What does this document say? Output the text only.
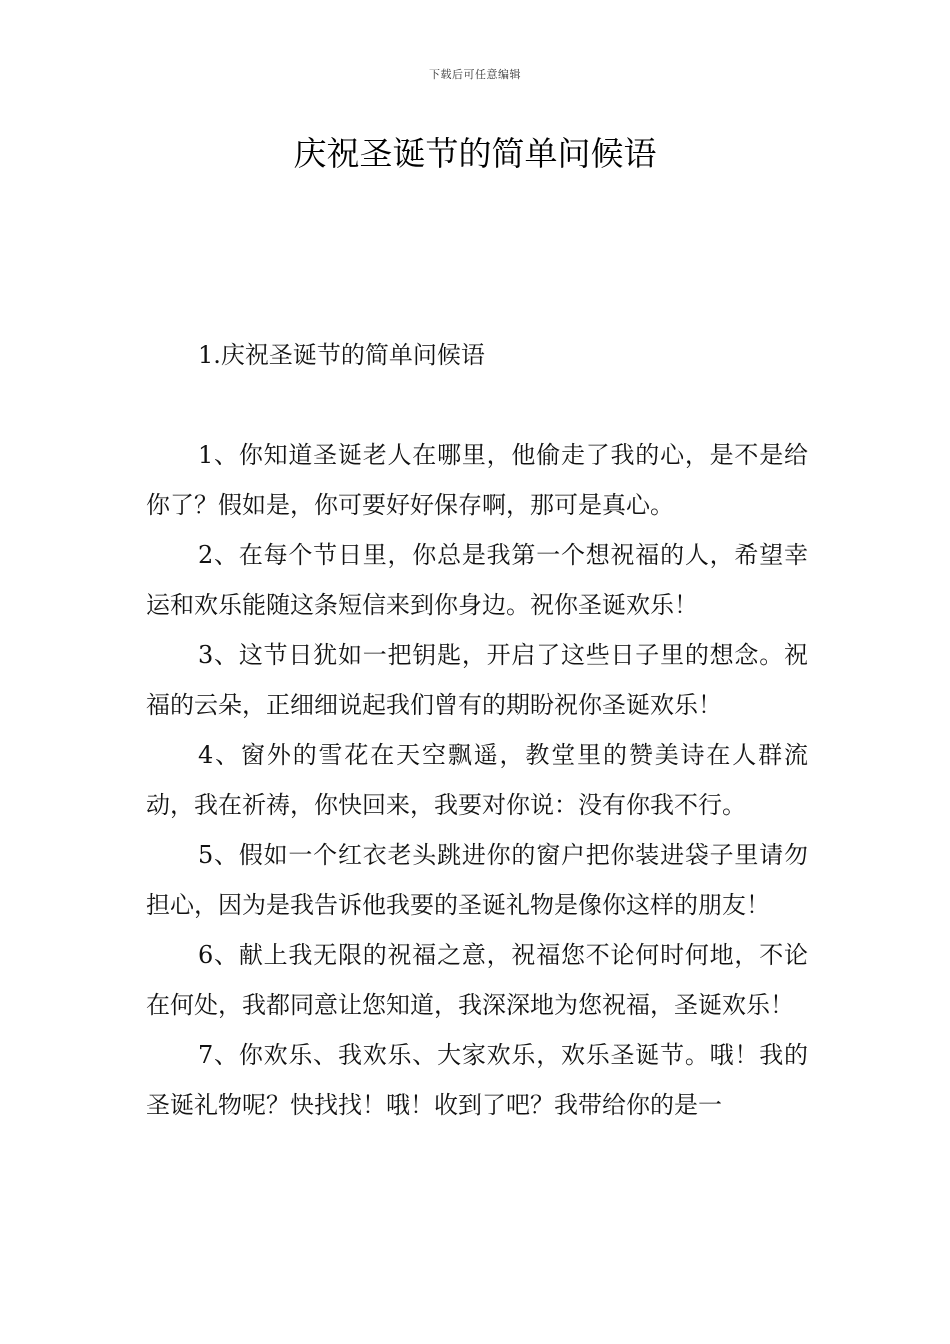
下载后可任意编辑
庆祝圣诞节的简单问候语

1.庆祝圣诞节的简单问候语

1、你知道圣诞老人在哪里，他偷走了我的心，是不是给你了？假如是，你可要好好保存啊，那可是真心。

2、在每个节日里，你总是我第一个想祝福的人，希望幸运和欢乐能随这条短信来到你身边。祝你圣诞欢乐！

3、这节日犹如一把钥匙，开启了这些日子里的想念。祝福的云朵，正细细说起我们曾有的期盼祝你圣诞欢乐！

4、窗外的雪花在天空飘遥，教堂里的赞美诗在人群流动，我在祈祷，你快回来，我要对你说：没有你我不行。

5、假如一个红衣老头跳进你的窗户把你装进袋子里请勿担心，因为是我告诉他我要的圣诞礼物是像你这样的朋友！

6、献上我无限的祝福之意，祝福您不论何时何地，不论在何处，我都同意让您知道，我深深地为您祝福，圣诞欢乐！

7、你欢乐、我欢乐、大家欢乐，欢乐圣诞节。哦！我的圣诞礼物呢？快找找！哦！收到了吧？我带给你的是一
